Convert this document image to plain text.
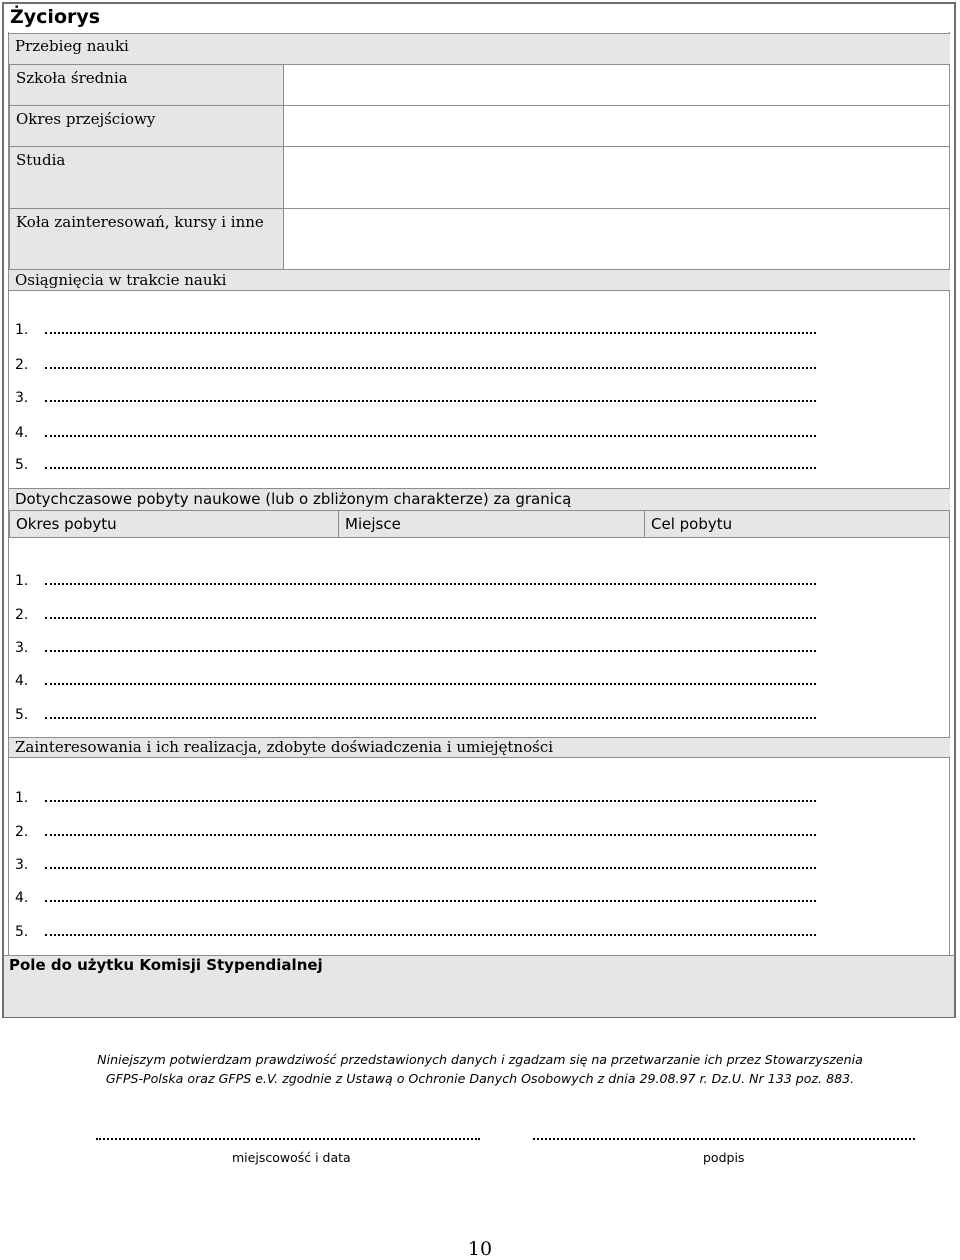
Życiorys
Przebieg nauki
Szkoła średnia
Okres przejściowy
Studia
Koła zainteresowań, kursy i inne
Osiągnięcia w trakcie nauki
1.
2.
3.
4.
5.
Dotychczasowe pobyty naukowe (lub o zbliżonym charakterze) za granicą
Okres pobytu	Miejsce	Cel pobytu
1.
2.
3.
4.
5.
Zainteresowania i ich realizacja, zdobyte doświadczenia i umiejętności
1.
2.
3.
4.
5.
Pole do użytku Komisji Stypendialnej
Niniejszym potwierdzam prawdziwość przedstawionych danych i zgadzam się na przetwarzanie ich przez Stowarzyszenia
GFPS-Polska oraz GFPS e.V. zgodnie z Ustawą o Ochronie Danych Osobowych z dnia 29.08.97 r. Dz.U. Nr 133 poz. 883.
miejscowość i data	podpis
10
